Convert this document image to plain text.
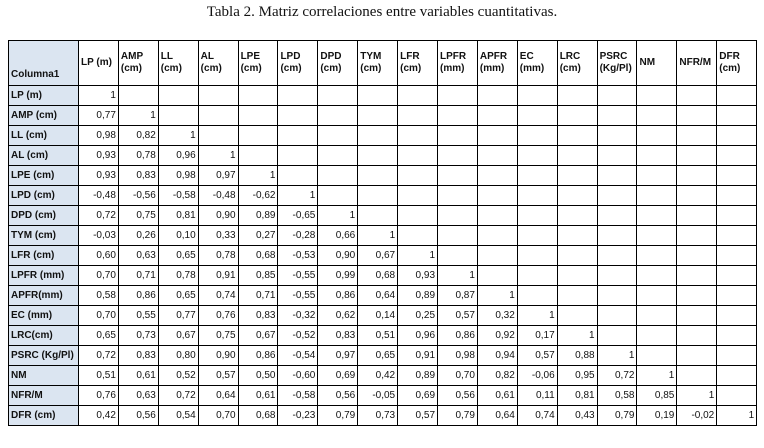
Tabla 2. Matriz correlaciones entre variables cuantitativas.
Columna1	LP (m)	AMP (cm)	LL (cm)	AL (cm)	LPE (cm)	LPD (cm)	DPD (cm)	TYM (cm)	LFR (cm)	LPFR (mm)	APFR (mm)	EC (mm)	LRC (cm)	PSRC (Kg/Pl)	NM	NFR/M	DFR (cm)
LP (m)	1																
AMP (cm)	0,77	1															
LL (cm)	0,98	0,82	1														
AL (cm)	0,93	0,78	0,96	1													
LPE (cm)	0,93	0,83	0,98	0,97	1												
LPD (cm)	-0,48	-0,56	-0,58	-0,48	-0,62	1											
DPD (cm)	0,72	0,75	0,81	0,90	0,89	-0,65	1										
TYM (cm)	-0,03	0,26	0,10	0,33	0,27	-0,28	0,66	1									
LFR (cm)	0,60	0,63	0,65	0,78	0,68	-0,53	0,90	0,67	1								
LPFR (mm)	0,70	0,71	0,78	0,91	0,85	-0,55	0,99	0,68	0,93	1							
APFR(mm)	0,58	0,86	0,65	0,74	0,71	-0,55	0,86	0,64	0,89	0,87	1						
EC (mm)	0,70	0,55	0,77	0,76	0,83	-0,32	0,62	0,14	0,25	0,57	0,32	1					
LRC(cm)	0,65	0,73	0,67	0,75	0,67	-0,52	0,83	0,51	0,96	0,86	0,92	0,17	1				
PSRC (Kg/Pl)	0,72	0,83	0,80	0,90	0,86	-0,54	0,97	0,65	0,91	0,98	0,94	0,57	0,88	1			
NM	0,51	0,61	0,52	0,57	0,50	-0,60	0,69	0,42	0,89	0,70	0,82	-0,06	0,95	0,72	1		
NFR/M	0,76	0,63	0,72	0,64	0,61	-0,58	0,56	-0,05	0,69	0,56	0,61	0,11	0,81	0,58	0,85	1	
DFR (cm)	0,42	0,56	0,54	0,70	0,68	-0,23	0,79	0,73	0,57	0,79	0,64	0,74	0,43	0,79	0,19	-0,02	1
